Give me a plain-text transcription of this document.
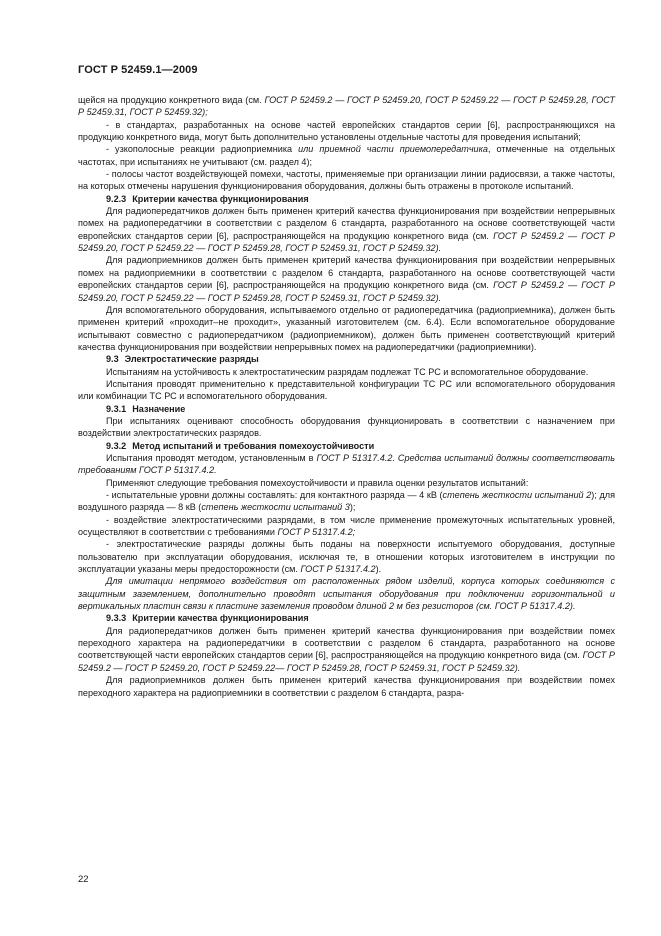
ГОСТ Р 52459.1—2009

щейся на продукцию конкретного вида (см. ГОСТ Р 52459.2 — ГОСТ Р 52459.20, ГОСТ Р 52459.22 — ГОСТ Р 52459.28, ГОСТ Р 52459.31, ГОСТ Р 52459.32);

- в стандартах, разработанных на основе частей европейских стандартов серии [6], распространяющихся на продукцию конкретного вида, могут быть дополнительно установлены отдельные частоты для проведения испытаний;

- узкополосные реакции радиоприемника или приемной части приемопередатчика, отмеченные на отдельных частотах, при испытаниях не учитывают (см. раздел 4);

- полосы частот воздействующей помехи, частоты, применяемые при организации линии радиосвязи, а также частоты, на которых отмечены нарушения функционирования оборудования, должны быть отражены в протоколе испытаний.

9.2.3 Критерии качества функционирования

Для радиопередатчиков должен быть применен критерий качества функционирования при воздействии непрерывных помех на радиопередатчики в соответствии с разделом 6 стандарта, разработанного на основе соответствующей части европейских стандартов серии [6], распространяющейся на продукцию конкретного вида (см. ГОСТ Р 52459.2 — ГОСТ Р 52459.20, ГОСТ Р 52459.22 — ГОСТ Р 52459.28, ГОСТ Р 52459.31, ГОСТ Р 52459.32).

Для радиоприемников должен быть применен критерий качества функционирования при воздействии непрерывных помех на радиоприемники в соответствии с разделом 6 стандарта, разработанного на основе соответствующей части европейских стандартов серии [6], распространяющейся на продукцию конкретного вида (см. ГОСТ Р 52459.2 — ГОСТ Р 52459.20, ГОСТ Р 52459.22 — ГОСТ Р 52459.28, ГОСТ Р 52459.31, ГОСТ Р 52459.32).

Для вспомогательного оборудования, испытываемого отдельно от радиопередатчика (радиоприемника), должен быть применен критерий «проходит–не проходит», указанный изготовителем (см. 6.4). Если вспомогательное оборудование испытывают совместно с радиопередатчиком (радиоприемником), должен быть применен соответствующий критерий качества функционирования при воздействии непрерывных помех на радиопередатчики (радиоприемники).

9.3 Электростатические разряды

Испытаниям на устойчивость к электростатическим разрядам подлежат ТС РС и вспомогательное оборудование.

Испытания проводят применительно к представительной конфигурации ТС РС или вспомогательного оборудования или комбинации ТС РС и вспомогательного оборудования.

9.3.1 Назначение

При испытаниях оценивают способность оборудования функционировать в соответствии с назначением при воздействии электростатических разрядов.

9.3.2 Метод испытаний и требования помехоустойчивости

Испытания проводят методом, установленным в ГОСТ Р 51317.4.2. Средства испытаний должны соответствовать требованиям ГОСТ Р 51317.4.2.

Применяют следующие требования помехоустойчивости и правила оценки результатов испытаний:

- испытательные уровни должны составлять: для контактного разряда — 4 кВ (степень жесткости испытаний 2); для воздушного разряда — 8 кВ (степень жесткости испытаний 3);

- воздействие электростатическими разрядами, в том числе применение промежуточных испытательных уровней, осуществляют в соответствии с требованиями ГОСТ Р 51317.4.2;

- электростатические разряды должны быть поданы на поверхности испытуемого оборудования, доступные пользователю при эксплуатации оборудования, исключая те, в отношении которых изготовителем в инструкции по эксплуатации указаны меры предосторожности (см. ГОСТ Р 51317.4.2).

Для имитации непрямого воздействия от расположенных рядом изделий, корпуса которых соединяются с защитным заземлением, дополнительно проводят испытания оборудования при подключении горизонтальной и вертикальных пластин связи к пластине заземления проводом длиной 2 м без резисторов (см. ГОСТ Р 51317.4.2).

9.3.3 Критерии качества функционирования

Для радиопередатчиков должен быть применен критерий качества функционирования при воздействии помех переходного характера на радиопередатчики в соответствии с разделом 6 стандарта, разработанного на основе соответствующей части европейских стандартов серии [6], распространяющейся на продукцию конкретного вида (см. ГОСТ Р 52459.2 — ГОСТ Р 52459.20, ГОСТ Р 52459.22— ГОСТ Р 52459.28, ГОСТ Р 52459.31, ГОСТ Р 52459.32).

Для радиоприемников должен быть применен критерий качества функционирования при воздействии помех переходного характера на радиоприемники в соответствии с разделом 6 стандарта, разра-

22
